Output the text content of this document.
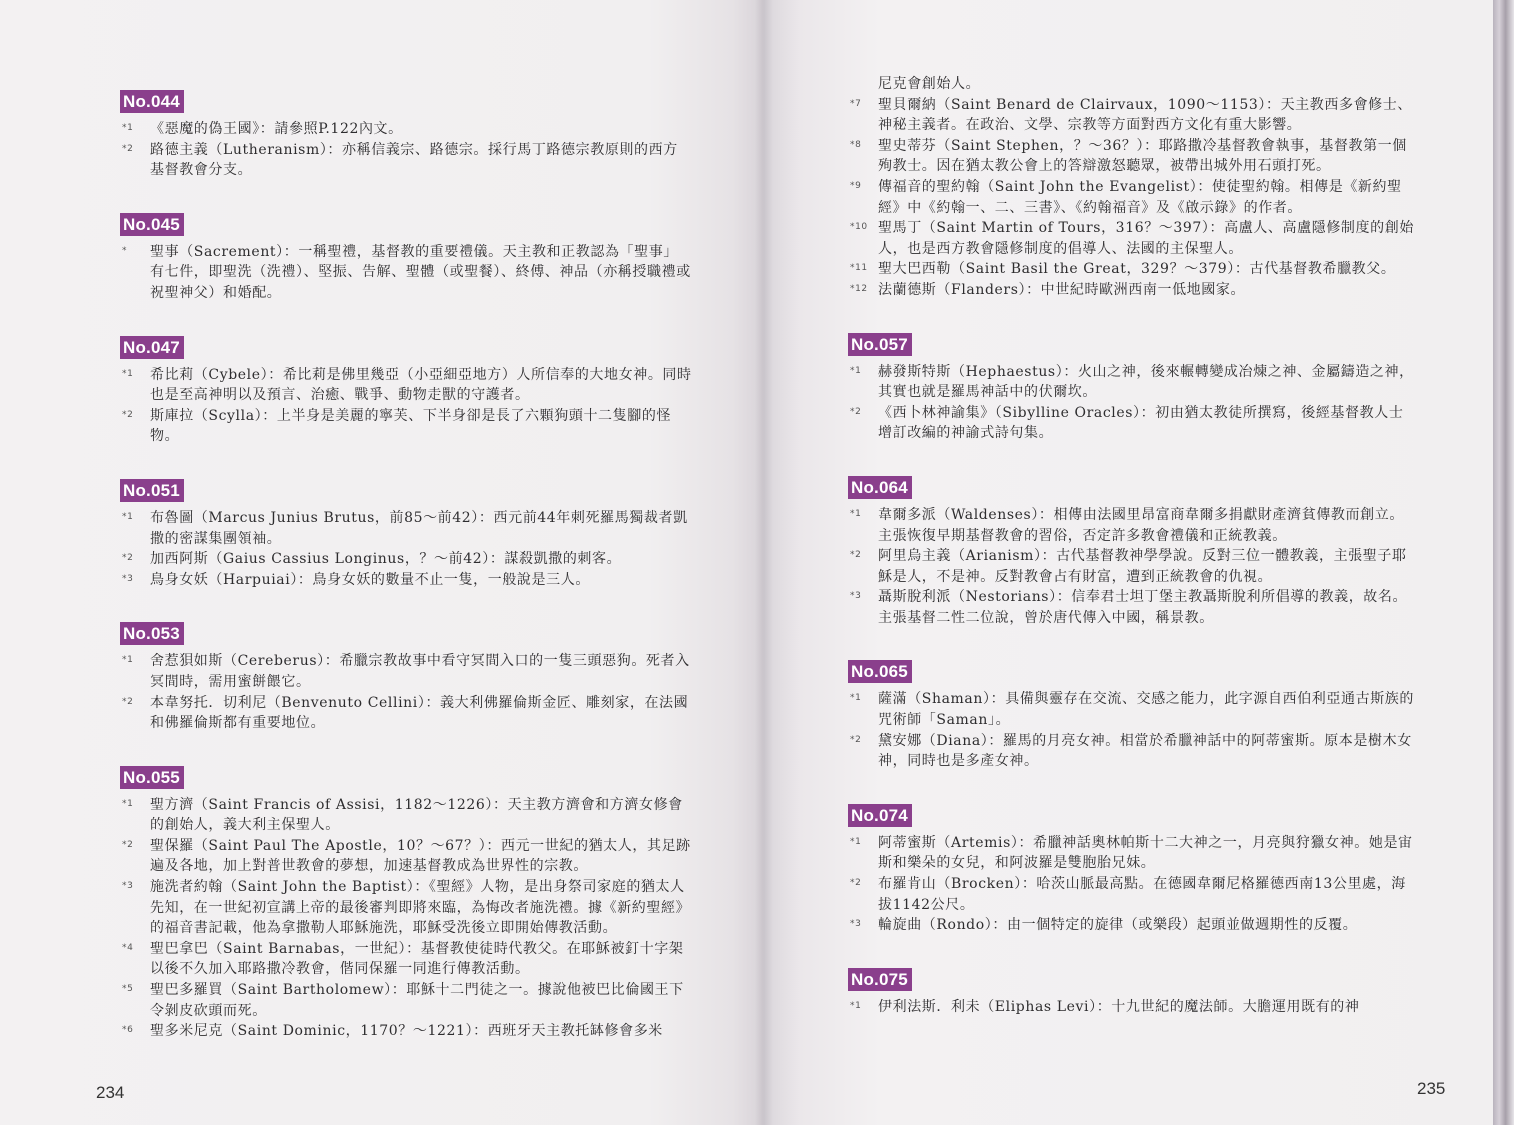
No.044
*1 《惡魔的偽王國》：請參照P.122內文。
*2 路德主義（Lutheranism）：亦稱信義宗、路德宗。採行馬丁路德宗教原則的西方基督教會分支。
No.045
* 聖事（Sacrement）：一稱聖禮，基督教的重要禮儀。天主教和正教認為「聖事」有七件，即聖洗（洗禮）、堅振、告解、聖體（或聖餐）、終傅、神品（亦稱授職禮或祝聖神父）和婚配。
No.047
*1 希比莉（Cybele）：希比莉是佛里幾亞（小亞細亞地方）人所信奉的大地女神。同時也是至高神明以及預言、治癒、戰爭、動物走獸的守護者。
*2 斯庫拉（Scylla）：上半身是美麗的寧芙、下半身卻是長了六顆狗頭十二隻腳的怪物。
No.051
*1 布魯圖（Marcus Junius Brutus，前85～前42）：西元前44年刺死羅馬獨裁者凱撒的密謀集團領袖。
*2 加西阿斯（Gaius Cassius Longinus，？～前42）：謀殺凱撒的刺客。
*3 鳥身女妖（Harpuiai）：鳥身女妖的數量不止一隻，一般說是三人。
No.053
*1 舍惹狽如斯（Cereberus）：希臘宗教故事中看守冥間入口的一隻三頭惡狗。死者入冥間時，需用蜜餅餵它。
*2 本韋努托．切利尼（Benvenuto Cellini）：義大利佛羅倫斯金匠、雕刻家，在法國和佛羅倫斯都有重要地位。
No.055
*1 聖方濟（Saint Francis of Assisi，1182～1226）：天主教方濟會和方濟女修會的創始人，義大利主保聖人。
*2 聖保羅（Saint Paul The Apostle，10？～67？）：西元一世紀的猶太人，其足跡遍及各地，加上對普世教會的夢想，加速基督教成為世界性的宗教。
*3 施洗者約翰（Saint John the Baptist）：《聖經》人物，是出身祭司家庭的猶太人先知，在一世紀初宣講上帝的最後審判即將來臨，為悔改者施洗禮。據《新約聖經》的福音書記載，他為拿撒勒人耶穌施洗，耶穌受洗後立即開始傳教活動。
*4 聖巴拿巴（Saint Barnabas，一世紀）：基督教使徒時代教父。在耶穌被釘十字架以後不久加入耶路撒冷教會，偕同保羅一同進行傳教活動。
*5 聖巴多羅買（Saint Bartholomew）：耶穌十二門徒之一。據說他被巴比倫國王下令剝皮砍頭而死。
*6 聖多米尼克（Saint Dominic，1170？～1221）：西班牙天主教托缽修會多米
尼克會創始人。
*7 聖貝爾納（Saint Benard de Clairvaux，1090～1153）：天主教西多會修士、神秘主義者。在政治、文學、宗教等方面對西方文化有重大影響。
*8 聖史蒂芬（Saint Stephen，？～36？）：耶路撒冷基督教會執事，基督教第一個殉教士。因在猶太教公會上的答辯激怒聽眾，被帶出城外用石頭打死。
*9 傳福音的聖約翰（Saint John the Evangelist）：使徒聖約翰。相傳是《新約聖經》中《約翰一、二、三書》、《約翰福音》及《啟示錄》的作者。
*10 聖馬丁（Saint Martin of Tours，316？～397）：高盧人、高盧隱修制度的創始人，也是西方教會隱修制度的倡導人、法國的主保聖人。
*11 聖大巴西勒（Saint Basil the Great，329？～379）：古代基督教希臘教父。
*12 法蘭德斯（Flanders）：中世紀時歐洲西南一低地國家。
No.057
*1 赫發斯特斯（Hephaestus）：火山之神，後來輾轉變成冶煉之神、金屬鑄造之神，其實也就是羅馬神話中的伏爾坎。
*2 《西卜林神諭集》（Sibylline Oracles）：初由猶太教徒所撰寫，後經基督教人士增訂改編的神諭式詩句集。
No.064
*1 韋爾多派（Waldenses）：相傳由法國里昂富商韋爾多捐獻財產濟貧傳教而創立。主張恢復早期基督教會的習俗，否定許多教會禮儀和正統教義。
*2 阿里烏主義（Arianism）：古代基督教神學學說。反對三位一體教義，主張聖子耶穌是人，不是神。反對教會占有財富，遭到正統教會的仇視。
*3 聶斯脫利派（Nestorians）：信奉君士坦丁堡主教聶斯脫利所倡導的教義，故名。主張基督二性二位說，曾於唐代傳入中國，稱景教。
No.065
*1 薩滿（Shaman）：具備與靈存在交流、交感之能力，此字源自西伯利亞通古斯族的咒術師「Saman」。
*2 黛安娜（Diana）：羅馬的月亮女神。相當於希臘神話中的阿蒂蜜斯。原本是樹木女神，同時也是多產女神。
No.074
*1 阿蒂蜜斯（Artemis）：希臘神話奧林帕斯十二大神之一，月亮與狩獵女神。她是宙斯和樂朵的女兒，和阿波羅是雙胞胎兄妹。
*2 布羅肯山（Brocken）：哈茨山脈最高點。在德國韋爾尼格羅德西南13公里處，海拔1142公尺。
*3 輪旋曲（Rondo）：由一個特定的旋律（或樂段）起頭並做週期性的反覆。
No.075
*1 伊利法斯．利未（Eliphas Levi）：十九世紀的魔法師。大膽運用既有的神
234	235
